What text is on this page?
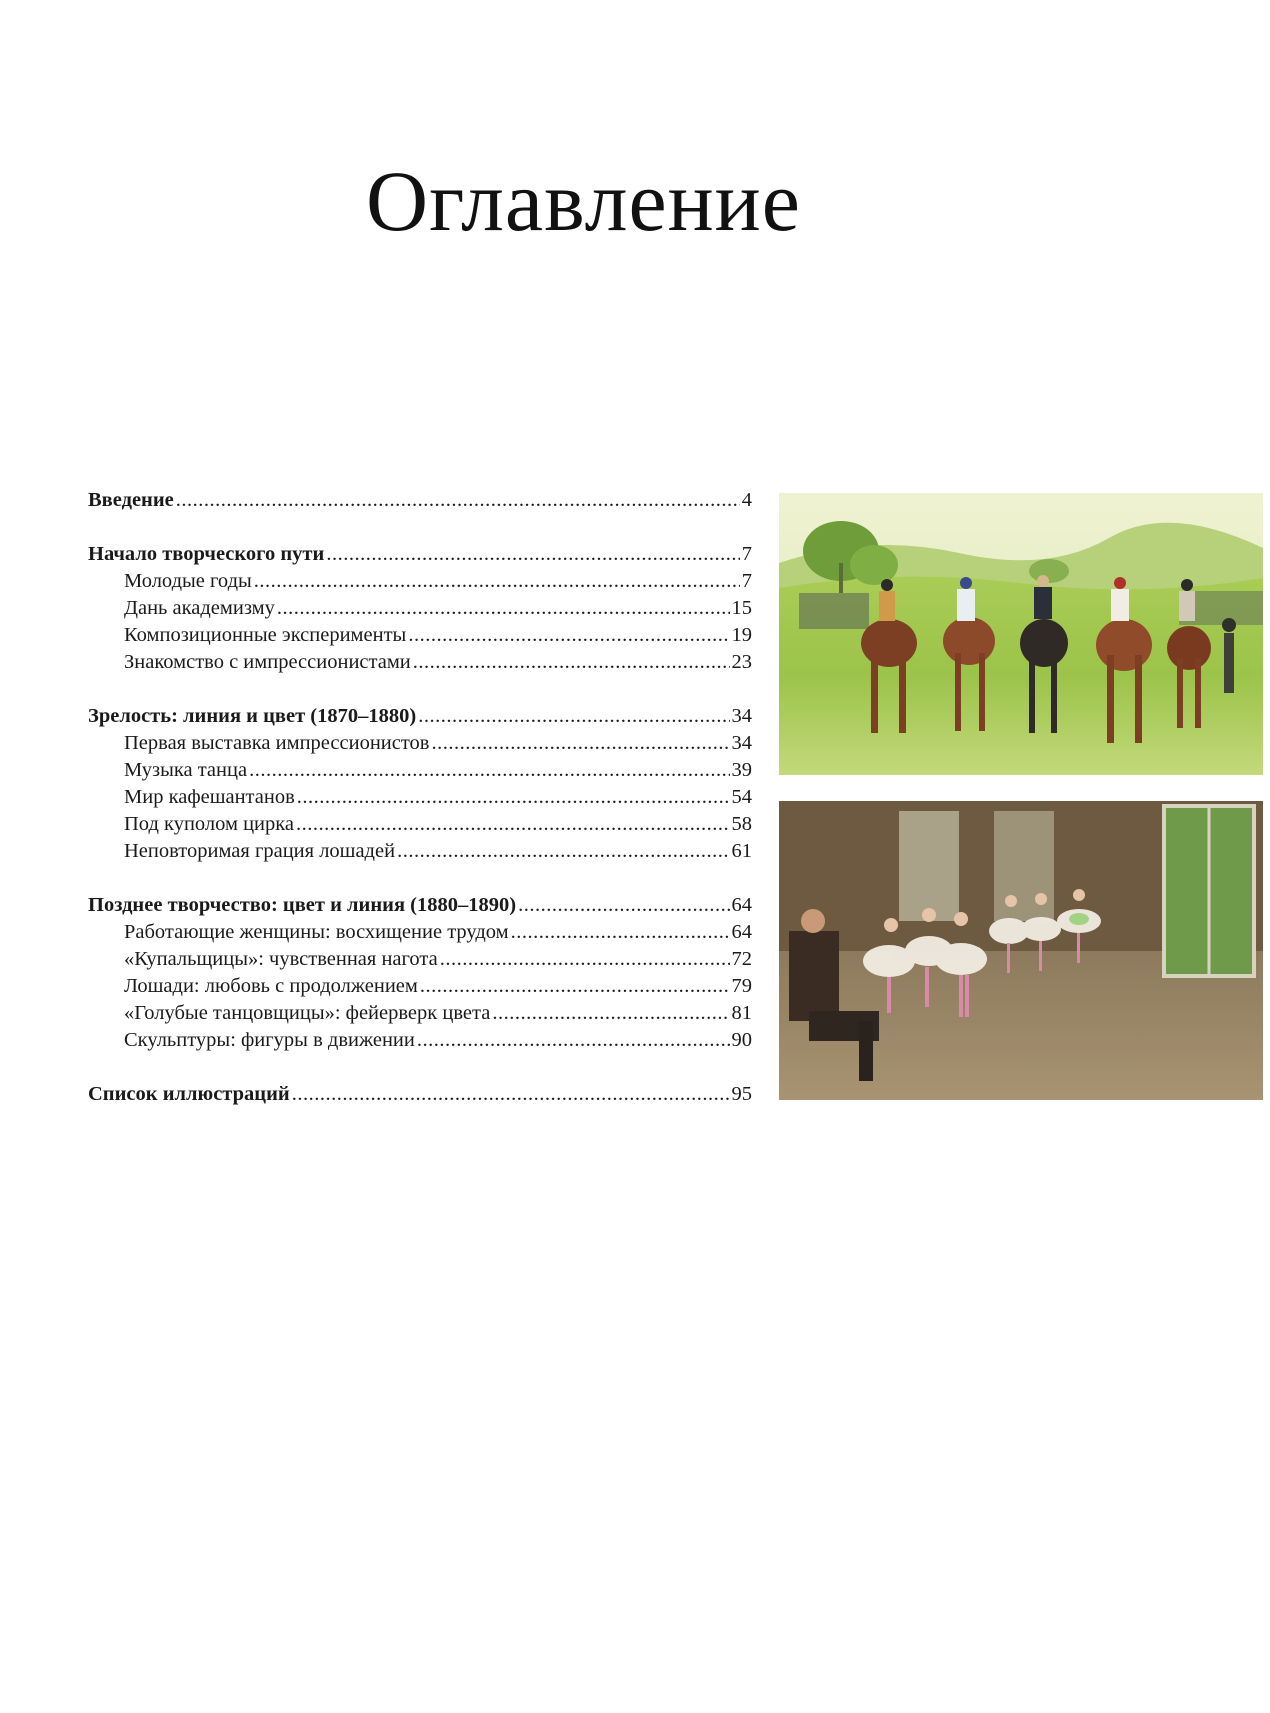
Оглавление
Введение .....	4
Начало творческого пути .....	7
Молодые годы .....	7
Дань академизму .....	15
Композиционные эксперименты .....	19
Знакомство с импрессионистами .....	23
Зрелость: линия и цвет (1870–1880) .....	34
Первая выставка импрессионистов .....	34
Музыка танца .....	39
Мир кафешантанов .....	54
Под куполом цирка .....	58
Неповторимая грация лошадей .....	61
Позднее творчество: цвет и линия (1880–1890) .....	64
Работающие женщины: восхищение трудом .....	64
«Купальщицы»: чувственная нагота .....	72
Лошади: любовь с продолжением .....	79
«Голубые танцовщицы»: фейерверк цвета .....	81
Скульптуры: фигуры в движении .....	90
Список иллюстраций .....	95
